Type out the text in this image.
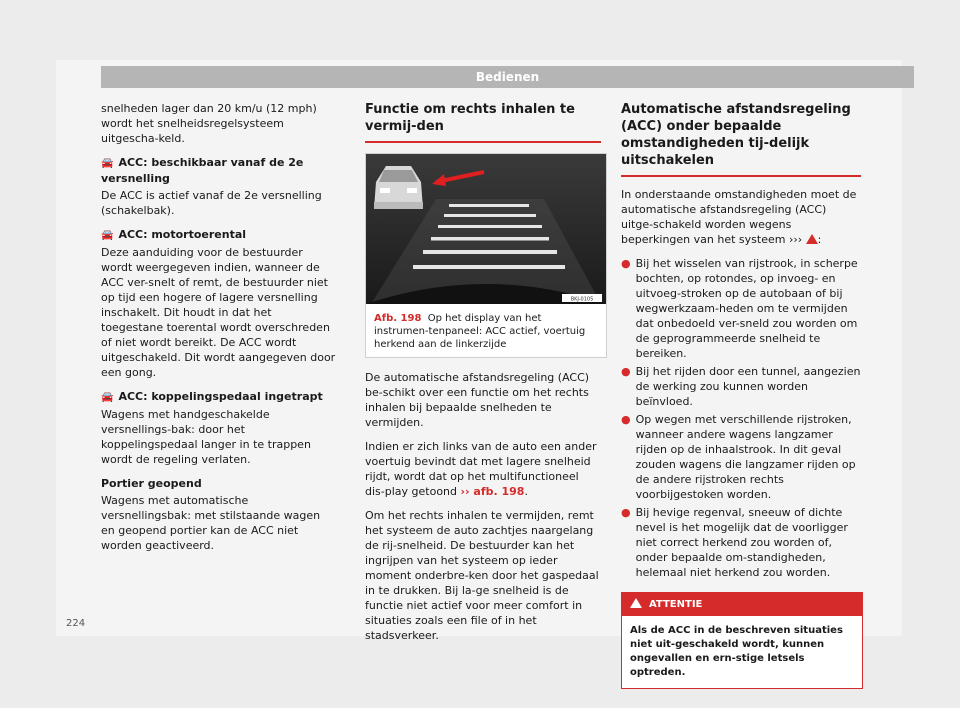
Bedienen

snelheden lager dan 20 km/u (12 mph) wordt het snelheidsregelsysteem uitgescha-keld.

🚘 ACC: beschikbaar vanaf de 2e versnelling

De ACC is actief vanaf de 2e versnelling (schakelbak).

🚘 ACC: motortoerental

Deze aanduiding voor de bestuurder wordt weergegeven indien, wanneer de ACC ver-snelt of remt, de bestuurder niet op tijd een hogere of lagere versnelling inschakelt. Dit houdt in dat het toegestane toerental wordt overschreden of niet wordt bereikt. De ACC wordt uitgeschakeld. Dit wordt aangegeven door een gong.

🚘 ACC: koppelingspedaal ingetrapt

Wagens met handgeschakelde versnellings-bak: door het koppelingspedaal langer in te trappen wordt de regeling verlaten.

Portier geopend

Wagens met automatische versnellingsbak: met stilstaande wagen en geopend portier kan de ACC niet worden geactiveerd.

Functie om rechts inhalen te vermij-den
BKJ-0105
Afb. 198 Op het display van het instrumen-tenpaneel: ACC actief, voertuig herkend aan de linkerzijde

De automatische afstandsregeling (ACC) be-schikt over een functie om het rechts inhalen bij bepaalde snelheden te vermijden.

Indien er zich links van de auto een ander voertuig bevindt dat met lagere snelheid rijdt, wordt dat op het multifunctioneel dis-play getoond ›› afb. 198.

Om het rechts inhalen te vermijden, remt het systeem de auto zachtjes naargelang de rij-snelheid. De bestuurder kan het ingrijpen van het systeem op ieder moment onderbre-ken door het gaspedaal in te drukken. Bij la-ge snelheid is de functie niet actief voor meer comfort in situaties zoals een file of in het stadsverkeer.

Automatische afstandsregeling (ACC) onder bepaalde omstandigheden tij-delijk uitschakelen

In onderstaande omstandigheden moet de automatische afstandsregeling (ACC) uitge-schakeld worden wegens beperkingen van het systeem ››› :

● Bij het wisselen van rijstrook, in scherpe bochten, op rotondes, op invoeg- en uitvoeg-stroken op de autobaan of bij wegwerkzaam-heden om te vermijden dat onbedoeld ver-sneld zou worden om de geprogrammeerde snelheid te bereiken.
● Bij het rijden door een tunnel, aangezien de werking zou kunnen worden beïnvloed.
● Op wegen met verschillende rijstroken, wanneer andere wagens langzamer rijden op de inhaalstrook. In dit geval zouden wagens die langzamer rijden op de andere rijstroken rechts voorbijgestoken worden.
● Bij hevige regenval, sneeuw of dichte nevel is het mogelijk dat de voorligger niet correct herkend zou worden of, onder bepaalde om-standigheden, helemaal niet herkend zou worden.
ATTENTIE
Als de ACC in de beschreven situaties niet uit-geschakeld wordt, kunnen ongevallen en ern-stige letsels optreden.
224
